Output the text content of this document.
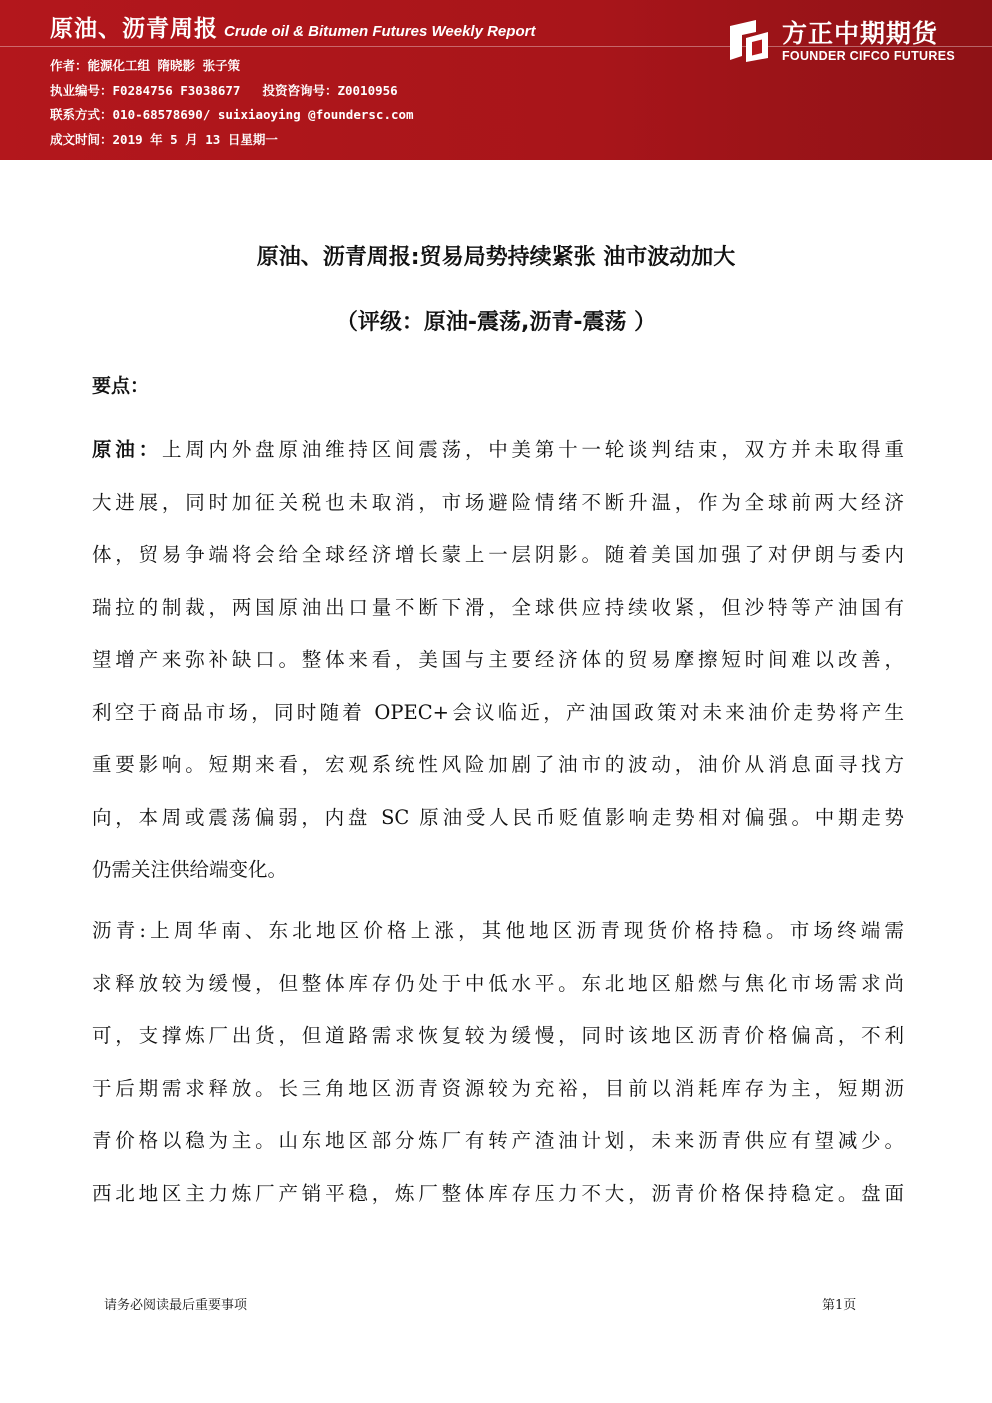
原油、沥青周报 Crude oil & Bitumen Futures Weekly Report
作者：能源化工组 隋晓影 张子策
执业编号：F0284756 F3038677 投资咨询号：Z0010956
联系方式：010-68578690/ suixiaoying @foundersc.com
成文时间：2019 年 5 月 13 日星期一
方正中期期货
FOUNDER CIFCO FUTURES
原油、沥青周报:贸易局势持续紧张 油市波动加大
（评级：原油-震荡,沥青-震荡 ）
要点：
原油：上周内外盘原油维持区间震荡，中美第十一轮谈判结束，双方并未取得重
大进展，同时加征关税也未取消，市场避险情绪不断升温，作为全球前两大经济
体，贸易争端将会给全球经济增长蒙上一层阴影。随着美国加强了对伊朗与委内
瑞拉的制裁，两国原油出口量不断下滑，全球供应持续收紧，但沙特等产油国有
望增产来弥补缺口。整体来看，美国与主要经济体的贸易摩擦短时间难以改善，
利空于商品市场，同时随着 OPEC+会议临近，产油国政策对未来油价走势将产生
重要影响。短期来看，宏观系统性风险加剧了油市的波动，油价从消息面寻找方
向，本周或震荡偏弱，内盘 SC 原油受人民币贬值影响走势相对偏强。中期走势
仍需关注供给端变化。
沥青:上周华南、东北地区价格上涨，其他地区沥青现货价格持稳。市场终端需
求释放较为缓慢，但整体库存仍处于中低水平。东北地区船燃与焦化市场需求尚
可，支撑炼厂出货，但道路需求恢复较为缓慢，同时该地区沥青价格偏高，不利
于后期需求释放。长三角地区沥青资源较为充裕，目前以消耗库存为主，短期沥
青价格以稳为主。山东地区部分炼厂有转产渣油计划，未来沥青供应有望减少。
西北地区主力炼厂产销平稳，炼厂整体库存压力不大，沥青价格保持稳定。盘面
请务必阅读最后重要事项	第1页
